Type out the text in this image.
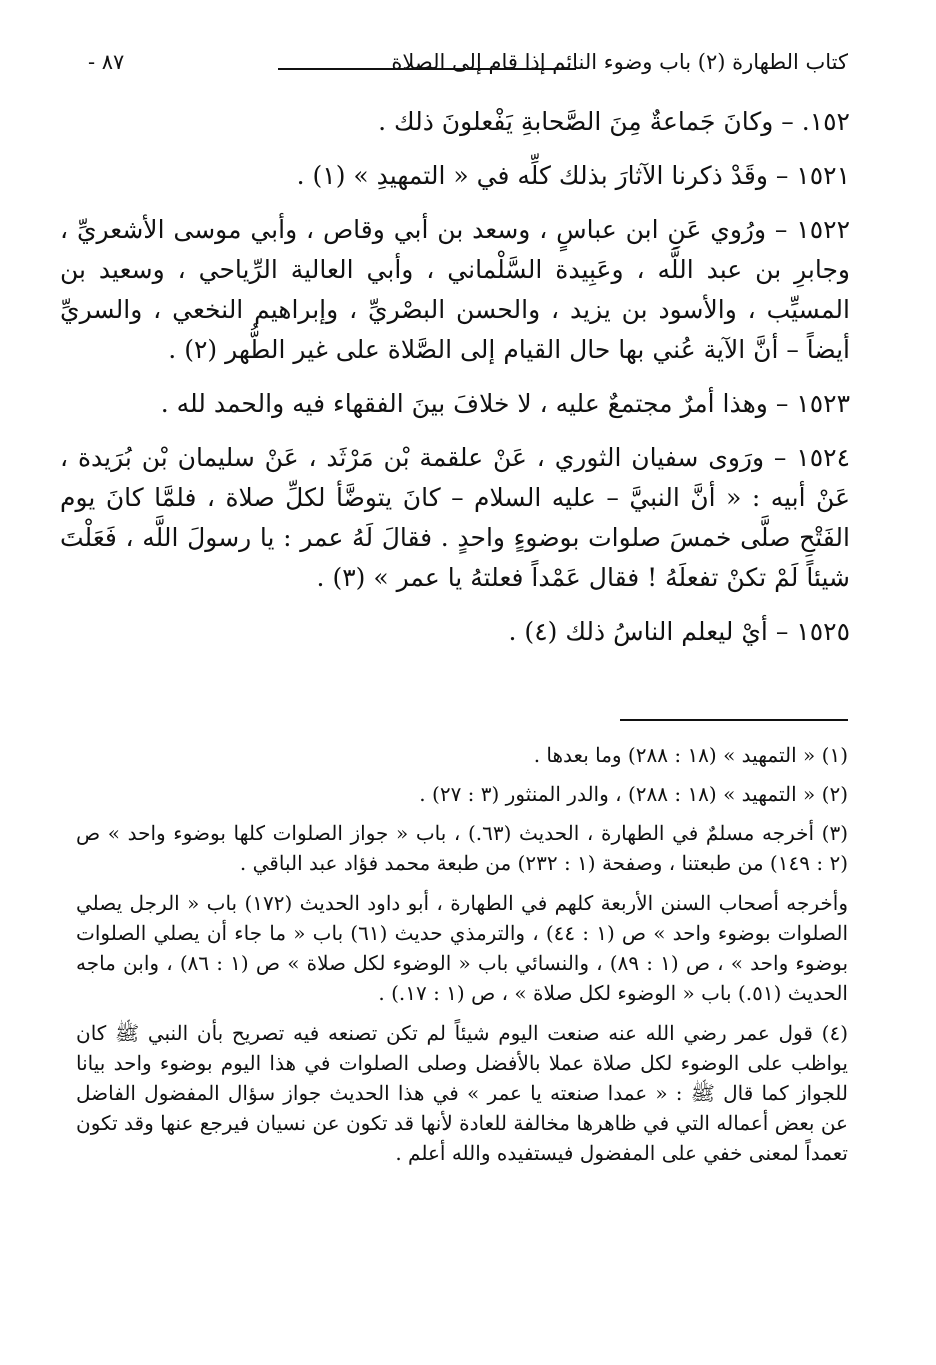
كتاب الطهارة (٢) باب وضوء النائم إذا قام إلى الصلاة
٨٧ -

١٥٢. – وكانَ جَماعةٌ مِنَ الصَّحابةِ يَفْعلونَ ذلك .

١٥٢١ – وقَدْ ذكرنا الآثارَ بذلك كلِّه في « التمهيدِ » (١) .

١٥٢٢ – ورُوي عَنِ ابن عباسٍ ، وسعد بن أبي وقاص ، وأبي موسى الأشعريِّ ، وجابرِ بن عبد اللَّه ، وعَبِيدة السَّلْماني ، وأبي العالية الرِّياحي ، وسعيد بن المسيِّب ، والأسود بن يزيد ، والحسن البصْريِّ ، وإبراهيم النخعي ، والسريِّ أيضاً – أنَّ الآية عُني بها حال القيام إلى الصَّلاة على غير الطُّهر (٢) .

١٥٢٣ – وهذا أمرٌ مجتمعٌ عليه ، لا خلافَ بينَ الفقهاء فيه والحمد لله .

١٥٢٤ – ورَوى سفيان الثوري ، عَنْ علقمة بْن مَرْثَد ، عَنْ سليمان بْن بُرَيدة ، عَنْ أبيه : « أنَّ النبيَّ – عليه السلام – كانَ يتوضَّأ لكلِّ صلاة ، فلمَّا كانَ يوم الفَتْحِ صلَّى خمسَ صلوات بوضوءٍ واحدٍ . فقالَ لَهُ عمر : يا رسولَ اللَّه ، فَعَلْتَ شيئاً لَمْ تكنْ تفعلَهُ ! فقال عَمْداً فعلتهُ يا عمر » (٣) .

١٥٢٥ – أيْ ليعلم الناسُ ذلك (٤) .

(١) « التمهيد » (١٨ : ٢٨٨) وما بعدها .

(٢) « التمهيد » (١٨ : ٢٨٨) ، والدر المنثور (٣ : ٢٧) .

(٣) أخرجه مسلمٌ في الطهارة ، الحديث (٦٣.) ، باب « جواز الصلوات كلها بوضوء واحد » ص (٢ : ١٤٩) من طبعتنا ، وصفحة (١ : ٢٣٢) من طبعة محمد فؤاد عبد الباقي .

وأخرجه أصحاب السنن الأربعة كلهم في الطهارة ، أبو داود الحديث (١٧٢) باب « الرجل يصلي الصلوات بوضوء واحد » ص (١ : ٤٤) ، والترمذي حديث (٦١) باب « ما جاء أن يصلي الصلوات بوضوء واحد » ، ص (١ : ٨٩) ، والنسائي باب « الوضوء لكل صلاة » ص (١ : ٨٦) ، وابن ماجه الحديث (٥١.) باب « الوضوء لكل صلاة » ، ص (١ : ١٧.) .

(٤) قول عمر رضي الله عنه صنعت اليوم شيئاً لم تكن تصنعه فيه تصريح بأن النبي ﷺ كان يواظب على الوضوء لكل صلاة عملا بالأفضل وصلى الصلوات في هذا اليوم بوضوء واحد بيانا للجواز كما قال ﷺ : « عمدا صنعته يا عمر » في هذا الحديث جواز سؤال المفضول الفاضل عن بعض أعماله التي في ظاهرها مخالفة للعادة لأنها قد تكون عن نسيان فيرجع عنها وقد تكون تعمداً لمعنى خفي على المفضول فيستفيده والله أعلم .
